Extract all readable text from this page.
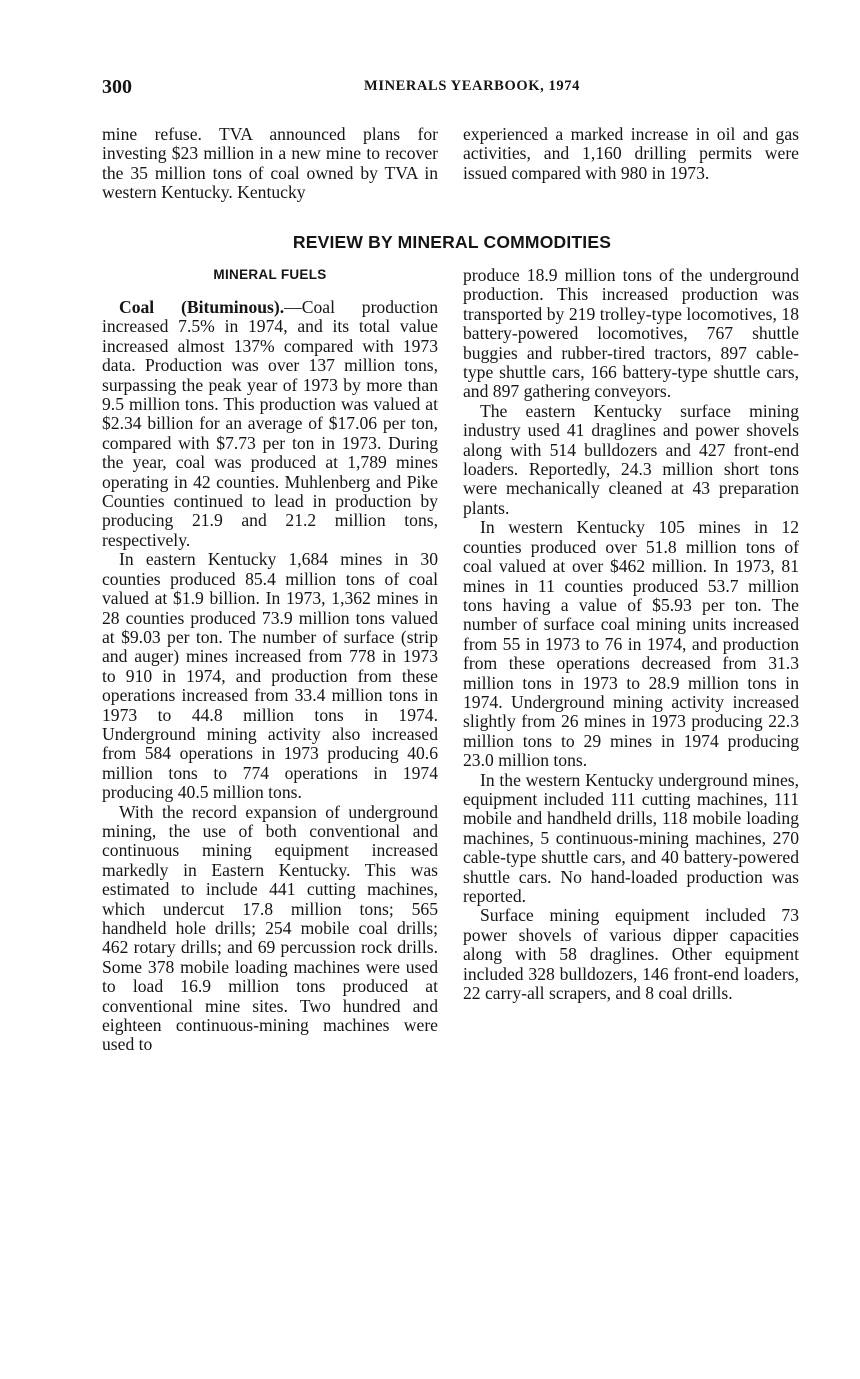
300	MINERALS YEARBOOK, 1974

mine refuse. TVA announced plans for investing $23 million in a new mine to recover the 35 million tons of coal owned by TVA in western Kentucky. Kentucky

experienced a marked increase in oil and gas activities, and 1,160 drilling permits were issued compared with 980 in 1973.

REVIEW BY MINERAL COMMODITIES
MINERAL FUELS

Coal (Bituminous).—Coal production increased 7.5% in 1974, and its total value increased almost 137% compared with 1973 data. Production was over 137 million tons, surpassing the peak year of 1973 by more than 9.5 million tons. This production was valued at $2.34 billion for an average of $17.06 per ton, compared with $7.73 per ton in 1973. During the year, coal was produced at 1,789 mines operating in 42 counties. Muhlenberg and Pike Counties continued to lead in production by producing 21.9 and 21.2 million tons, respectively.

In eastern Kentucky 1,684 mines in 30 counties produced 85.4 million tons of coal valued at $1.9 billion. In 1973, 1,362 mines in 28 counties produced 73.9 million tons valued at $9.03 per ton. The number of surface (strip and auger) mines increased from 778 in 1973 to 910 in 1974, and production from these operations increased from 33.4 million tons in 1973 to 44.8 million tons in 1974. Underground mining activity also increased from 584 operations in 1973 producing 40.6 million tons to 774 operations in 1974 producing 40.5 million tons.

With the record expansion of underground mining, the use of both conventional and continuous mining equipment increased markedly in Eastern Kentucky. This was estimated to include 441 cutting machines, which undercut 17.8 million tons; 565 handheld hole drills; 254 mobile coal drills; 462 rotary drills; and 69 percussion rock drills. Some 378 mobile loading machines were used to load 16.9 million tons produced at conventional mine sites. Two hundred and eighteen continuous-mining machines were used to

produce 18.9 million tons of the underground production. This increased production was transported by 219 trolley-type locomotives, 18 battery-powered locomotives, 767 shuttle buggies and rubber-tired tractors, 897 cable-type shuttle cars, 166 battery-type shuttle cars, and 897 gathering conveyors.

The eastern Kentucky surface mining industry used 41 draglines and power shovels along with 514 bulldozers and 427 front-end loaders. Reportedly, 24.3 million short tons were mechanically cleaned at 43 preparation plants.

In western Kentucky 105 mines in 12 counties produced over 51.8 million tons of coal valued at over $462 million. In 1973, 81 mines in 11 counties produced 53.7 million tons having a value of $5.93 per ton. The number of surface coal mining units increased from 55 in 1973 to 76 in 1974, and production from these operations decreased from 31.3 million tons in 1973 to 28.9 million tons in 1974. Underground mining activity increased slightly from 26 mines in 1973 producing 22.3 million tons to 29 mines in 1974 producing 23.0 million tons.

In the western Kentucky underground mines, equipment included 111 cutting machines, 111 mobile and handheld drills, 118 mobile loading machines, 5 continuous-mining machines, 270 cable-type shuttle cars, and 40 battery-powered shuttle cars. No hand-loaded production was reported.

Surface mining equipment included 73 power shovels of various dipper capacities along with 58 draglines. Other equipment included 328 bulldozers, 146 front-end loaders, 22 carry-all scrapers, and 8 coal drills.
